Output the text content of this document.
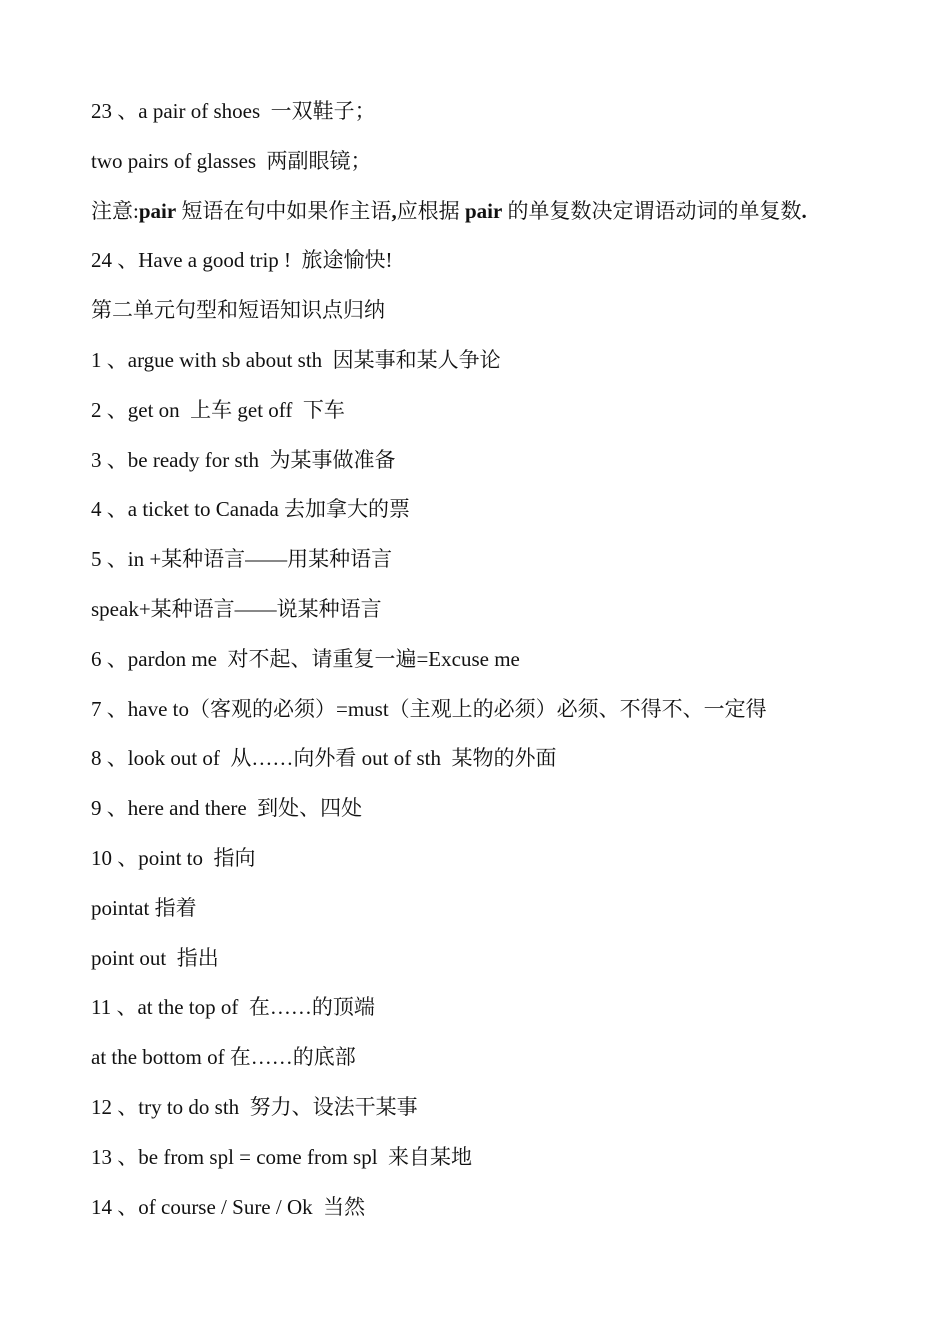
23 、a pair of shoes  一双鞋子；
two pairs of glasses  两副眼镜；
注意:pair 短语在句中如果作主语,应根据 pair 的单复数决定谓语动词的单复数.
24 、Have a good trip !  旅途愉快!
第二单元句型和短语知识点归纳
1 、argue with sb about sth  因某事和某人争论
2 、get on  上车 get off  下车
3 、be ready for sth  为某事做准备
4 、a ticket to Canada 去加拿大的票
5 、in +某种语言——用某种语言
speak+某种语言——说某种语言
6 、pardon me  对不起、请重复一遍=Excuse me
7 、have to（客观的必须）=must（主观上的必须）必须、不得不、一定得
8 、look out of  从……向外看 out of sth  某物的外面
9 、here and there  到处、四处
10 、point to  指向
pointat 指着
point out  指出
11 、at the top of  在……的顶端
at the bottom of 在……的底部
12 、try to do sth  努力、设法干某事
13 、be from spl = come from spl  来自某地
14 、of course / Sure / Ok  当然
